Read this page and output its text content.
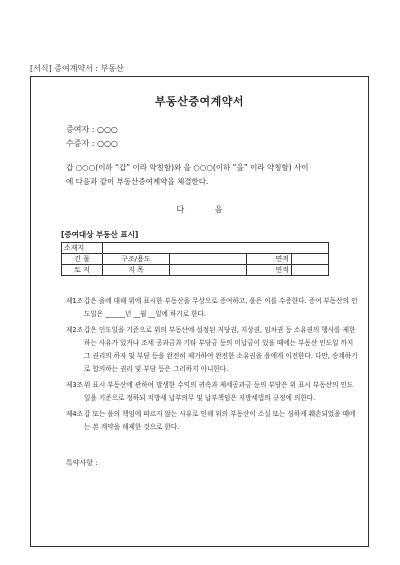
[서식] 증여계약서 : 부동산
부동산증여계약서
증여자 : ○○○
수증자 : ○○○
갑 ○○○(이하 “갑” 이라 약칭함)와 을 ○○○(이하 “을” 이라 약칭함) 사이
에 다음과 같이 부동산증여계약을 체결한다.
다 음
[증여대상 부동산 표시]
소재지				
건 물	구조/용도		면적	
토 지	지 목		면적	
제1조 갑은 을에 대해 위에 표시한 부동산을 무상으로 증여하고, 을은 이를 수증한다. 증여 부동산의 인도일은 ______년 __월 __일에 하기로 한다.
제2조 갑은 인도일을 기준으로 위의 부동산에 설정된 저당권, 지상권, 임차권 등 소유권의 행사를 제한하는 사유가 있거나 조세 공과금과 기타 부담금 등의 미납금이 있을 때에는 부동산 인도일 까지 그 권리의 하자 및 부담 등을 완전히 제거하여 완전한 소유권을 을에게 이전한다. 다만, 승계하기로 합의하는 권리 및 부담 등은 그러하지 아니한다.
제3조 위 표시 부동산에 관하여 발생한 수익의 귀속과 제세공과금 등의 부담은 위 표시 부동산의 인도일을 기준으로 정하되 지방세 납부의무 및 납부책임은 지방세법의 규정에 의한다.
제4조 갑 또는 을의 책임에 따르지 않는 사유로 인해 위의 부동산이 소실 또는 심하게 훼손되었을 때에는 본 계약을 해제한 것으로 한다.
특약사항 :
